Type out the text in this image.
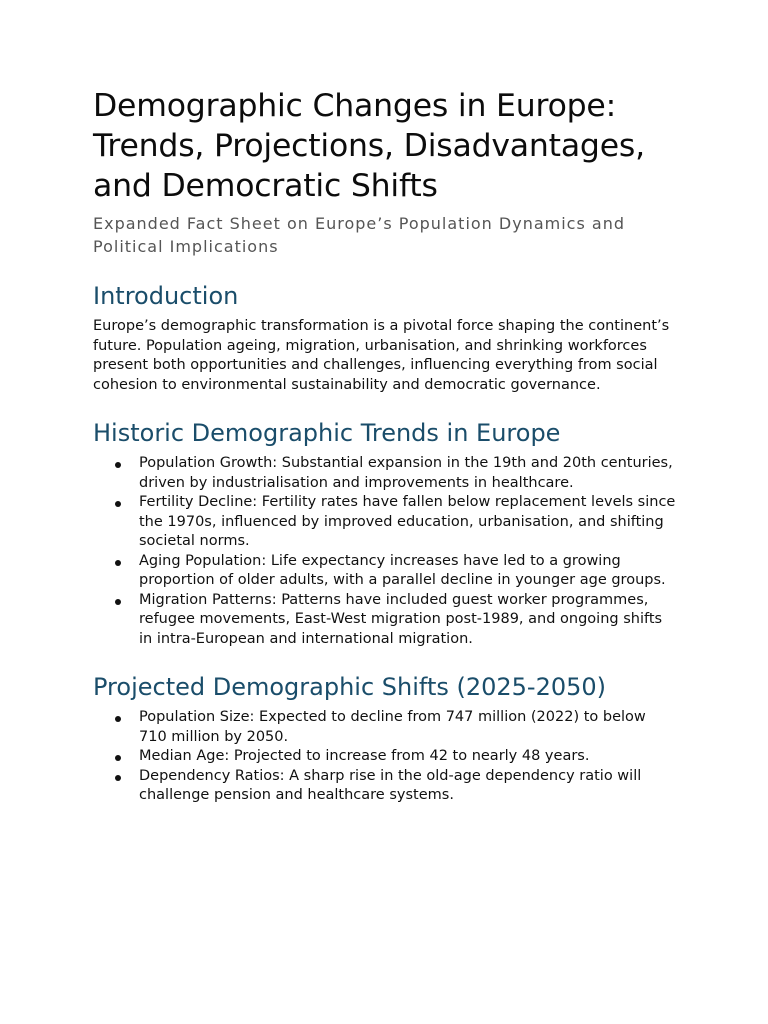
Demographic Changes in Europe: Trends, Projections, Disadvantages, and Democratic Shifts

Expanded Fact Sheet on Europe’s Population Dynamics and Political Implications

Introduction

Europe’s demographic transformation is a pivotal force shaping the continent’s future. Population ageing, migration, urbanisation, and shrinking workforces present both opportunities and challenges, influencing everything from social cohesion to environmental sustainability and democratic governance.

Historic Demographic Trends in Europe
Population Growth: Substantial expansion in the 19th and 20th centuries, driven by industrialisation and improvements in healthcare.
Fertility Decline: Fertility rates have fallen below replacement levels since the 1970s, influenced by improved education, urbanisation, and shifting societal norms.
Aging Population: Life expectancy increases have led to a growing proportion of older adults, with a parallel decline in younger age groups.
Migration Patterns: Patterns have included guest worker programmes, refugee movements, East-West migration post-1989, and ongoing shifts in intra-European and international migration.
Projected Demographic Shifts (2025-2050)
Population Size: Expected to decline from 747 million (2022) to below 710 million by 2050.
Median Age: Projected to increase from 42 to nearly 48 years.
Dependency Ratios: A sharp rise in the old-age dependency ratio will challenge pension and healthcare systems.
